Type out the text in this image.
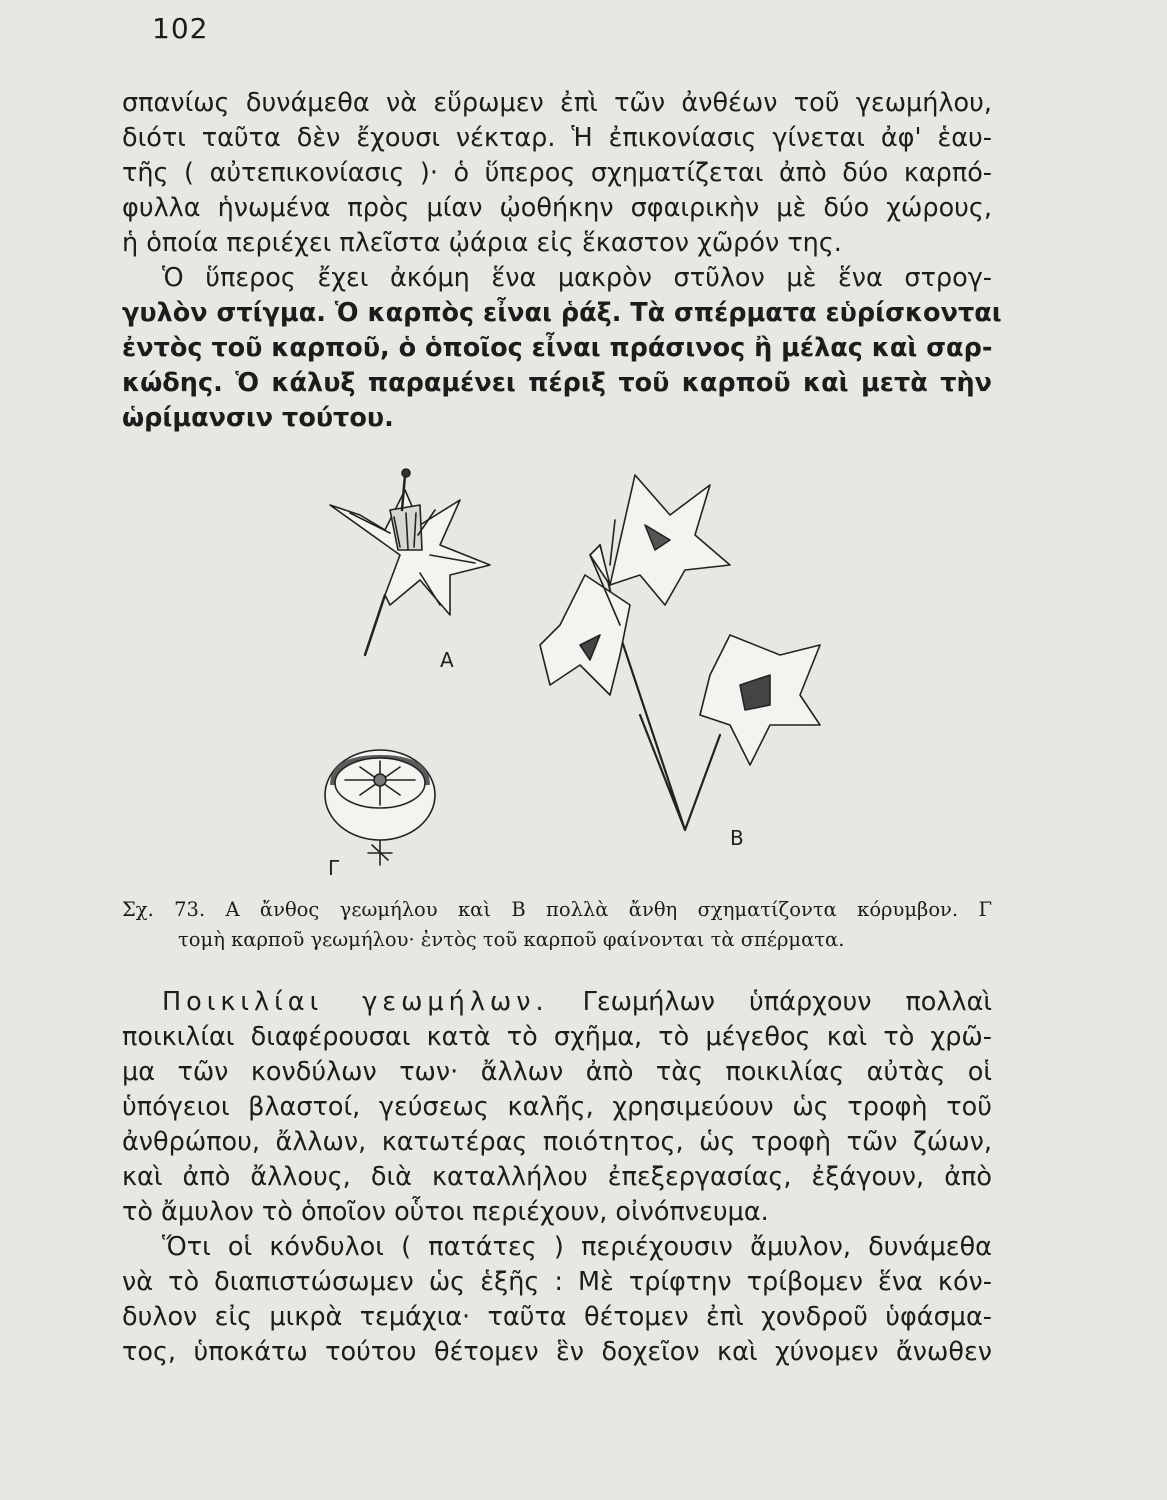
102
σπανίως δυνάμεθα νὰ εὕρωμεν ἐπὶ τῶν ἀνθέων τοῦ γεωμήλου,
διότι ταῦτα δὲν ἔχουσι νέκταρ. Ἡ ἐπικονίασις γίνεται ἀφ' ἑαυ-
τῆς ( αὐτεπικονίασις )· ὁ ὕπερος σχηματίζεται ἀπὸ δύο καρπό-
φυλλα ἡνωμένα πρὸς μίαν ᾠοθήκην σφαιρικὴν μὲ δύο χώρους,
ἡ ὁποία περιέχει πλεῖστα ᾠάρια εἰς ἕκαστον χῶρόν της.
Ὁ ὕπερος ἔχει ἀκόμη ἕνα μακρὸν στῦλον μὲ ἕνα στρογ-
γυλὸν στίγμα. Ὁ καρπὸς εἶναι ῥάξ. Τὰ σπέρματα εὑρίσκονται
ἐντὸς τοῦ καρποῦ, ὁ ὁποῖος εἶναι πράσινος ἢ μέλας καὶ σαρ-
κώδης. Ὁ κάλυξ παραμένει πέριξ τοῦ καρποῦ καὶ μετὰ τὴν
ὡρίμανσιν τούτου.
Α
Γ
Β
Σχ. 73. Α ἄνθος γεωμήλου καὶ Β πολλὰ ἄνθη σχηματίζοντα κόρυμβον. Γ
τομὴ καρποῦ γεωμήλου· ἐντὸς τοῦ καρποῦ φαίνονται τὰ σπέρματα.
Ποικιλίαι γεωμήλων. Γεωμήλων ὑπάρχουν πολλαὶ
ποικιλίαι διαφέρουσαι κατὰ τὸ σχῆμα, τὸ μέγεθος καὶ τὸ χρῶ-
μα τῶν κονδύλων των· ἄλλων ἀπὸ τὰς ποικιλίας αὐτὰς οἱ
ὑπόγειοι βλαστοί, γεύσεως καλῆς, χρησιμεύουν ὡς τροφὴ τοῦ
ἀνθρώπου, ἄλλων, κατωτέρας ποιότητος, ὡς τροφὴ τῶν ζώων,
καὶ ἀπὸ ἄλλους, διὰ καταλλήλου ἐπεξεργασίας, ἐξάγουν, ἀπὸ
τὸ ἄμυλον τὸ ὁποῖον οὗτοι περιέχουν, οἰνόπνευμα.
Ὅτι οἱ κόνδυλοι ( πατάτες ) περιέχουσιν ἄμυλον, δυνάμεθα
νὰ τὸ διαπιστώσωμεν ὡς ἑξῆς : Μὲ τρίφτην τρίβομεν ἕνα κόν-
δυλον εἰς μικρὰ τεμάχια· ταῦτα θέτομεν ἐπὶ χονδροῦ ὑφάσμα-
τος, ὑποκάτω τούτου θέτομεν ἓν δοχεῖον καὶ χύνομεν ἄνωθεν
